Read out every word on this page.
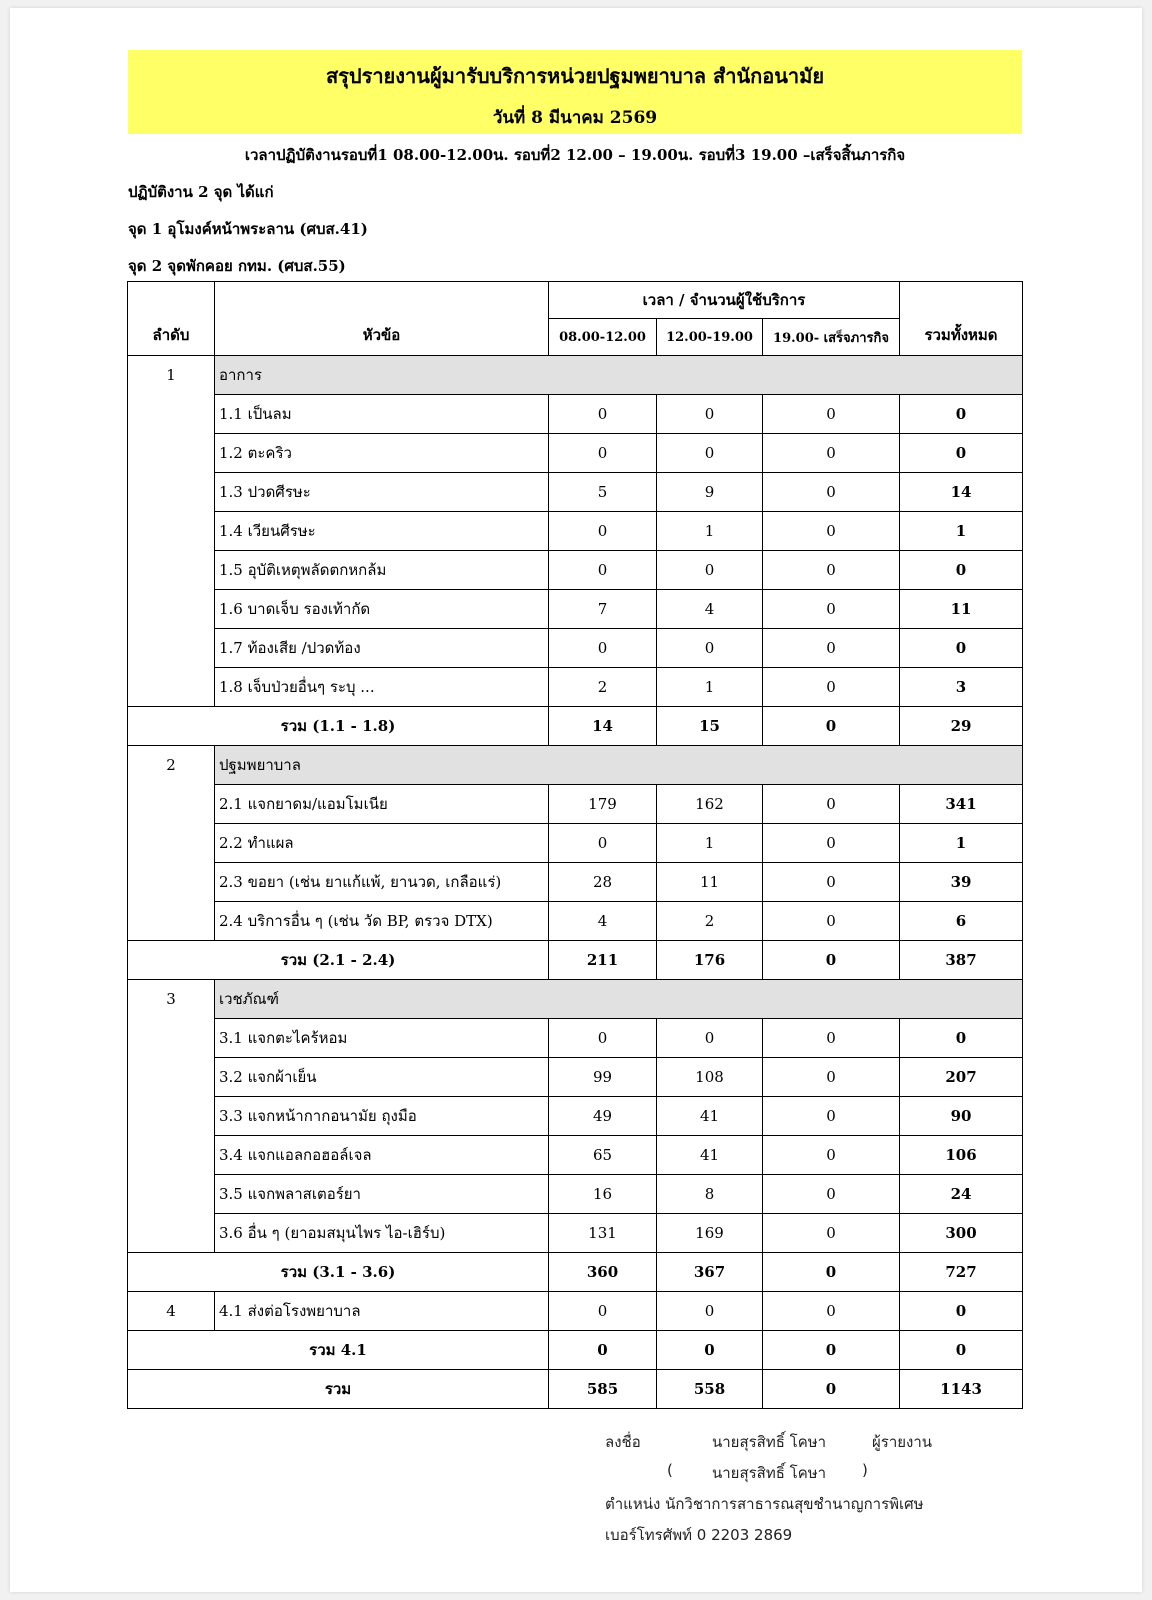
สรุปรายงานผู้มารับบริการหน่วยปฐมพยาบาล สำนักอนามัย
วันที่ 8 มีนาคม 2569
เวลาปฏิบัติงานรอบที่1 08.00-12.00น. รอบที่2 12.00 – 19.00น. รอบที่3 19.00 –เสร็จสิ้นภารกิจ
ปฏิบัติงาน 2 จุด ได้แก่
จุด 1 อุโมงค์หน้าพระลาน (ศบส.41)
จุด 2 จุดพักคอย กทม. (ศบส.55)
ลำดับ	หัวข้อ	เวลา / จำนวนผู้ใช้บริการ			รวมทั้งหมด
		08.00-12.00	12.00-19.00	19.00- เสร็จภารกิจ	
1	อาการ				
	1.1 เป็นลม	0	0	0	0
	1.2 ตะคริว	0	0	0	0
	1.3 ปวดศีรษะ	5	9	0	14
	1.4 เวียนศีรษะ	0	1	0	1
	1.5 อุบัติเหตุพลัดตกหกล้ม	0	0	0	0
	1.6 บาดเจ็บ รองเท้ากัด	7	4	0	11
	1.7 ท้องเสีย /ปวดท้อง	0	0	0	0
	1.8 เจ็บป่วยอื่นๆ ระบุ ...	2	1	0	3
รวม (1.1 - 1.8)		14	15	0	29
2	ปฐมพยาบาล				
	2.1 แจกยาดม/แอมโมเนีย	179	162	0	341
	2.2 ทำแผล	0	1	0	1
	2.3 ขอยา (เช่น ยาแก้แพ้, ยานวด, เกลือแร่)	28	11	0	39
	2.4 บริการอื่น ๆ (เช่น วัด BP, ตรวจ DTX)	4	2	0	6
รวม (2.1 - 2.4)		211	176	0	387
3	เวชภัณฑ์				
	3.1 แจกตะไคร้หอม	0	0	0	0
	3.2 แจกผ้าเย็น	99	108	0	207
	3.3 แจกหน้ากากอนามัย ถุงมือ	49	41	0	90
	3.4 แจกแอลกอฮอล์เจล	65	41	0	106
	3.5 แจกพลาสเตอร์ยา	16	8	0	24
	3.6 อื่น ๆ (ยาอมสมุนไพร ไอ-เฮิร์บ)	131	169	0	300
รวม (3.1 - 3.6)		360	367	0	727
4	4.1 ส่งต่อโรงพยาบาล	0	0	0	0
รวม 4.1		0	0	0	0
รวม		585	558	0	1143
ลงชื่อ	นายสุรสิทธิ์ โคษา	ผู้รายงาน
(	นายสุรสิทธิ์ โคษา )
ตำแหน่ง นักวิชาการสาธารณสุขชำนาญการพิเศษ
เบอร์โทรศัพท์ 0 2203 2869
